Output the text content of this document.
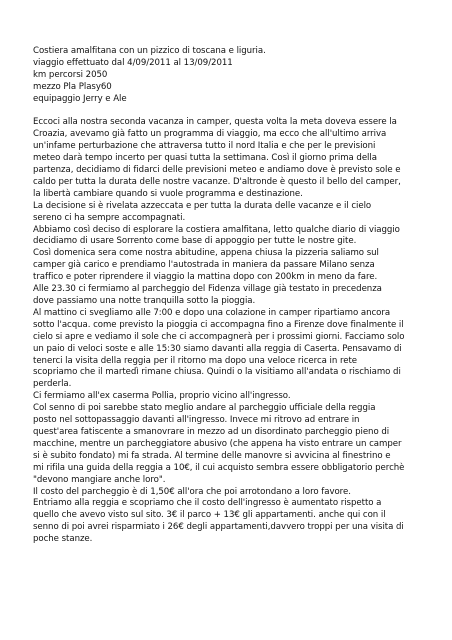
Costiera amalfitana con un pizzico di toscana e liguria.
viaggio effettuato dal 4/09/2011 al 13/09/2011
km percorsi 2050
mezzo Pla Plasy60
equipaggio Jerry e Ale
Eccoci alla nostra seconda vacanza in camper, questa volta la meta doveva essere la
Croazia, avevamo già fatto un programma di viaggio, ma ecco che all'ultimo arriva
un'infame perturbazione che attraversa tutto il nord Italia e che per le previsioni
meteo darà tempo incerto per quasi tutta la settimana. Così il giorno prima della
partenza, decidiamo di fidarci delle previsioni meteo e andiamo dove è previsto sole e
caldo per tutta la durata delle nostre vacanze. D'altronde è questo il bello del camper,
la libertà cambiare quando si vuole programma e destinazione.
La decisione si è rivelata azzeccata e per tutta la durata delle vacanze e il cielo
sereno ci ha sempre accompagnati.
Abbiamo così deciso di esplorare la costiera amalfitana, letto qualche diario di viaggio
decidiamo di usare Sorrento come base di appoggio per tutte le nostre gite.
Così domenica sera come nostra abitudine, appena chiusa la pizzeria saliamo sul
camper già carico e prendiamo l'autostrada in maniera da passare Milano senza
traffico e poter riprendere il viaggio la mattina dopo con 200km in meno da fare.
Alle 23.30 ci fermiamo al parcheggio del Fidenza village già testato in precedenza
dove passiamo una notte tranquilla sotto la pioggia.
Al mattino ci svegliamo alle 7:00 e dopo una colazione in camper ripartiamo ancora
sotto l'acqua. come previsto la pioggia ci accompagna fino a Firenze dove finalmente il
cielo si apre e vediamo il sole che ci accompagnerà per i prossimi giorni. Facciamo solo
un paio di veloci soste e alle 15:30 siamo davanti alla reggia di Caserta. Pensavamo di
tenerci la visita della reggia per il ritorno ma dopo una veloce ricerca in rete
scopriamo che il martedì rimane chiusa. Quindi o la visitiamo all'andata o rischiamo di
perderla.
Ci fermiamo all'ex caserma Pollia, proprio vicino all'ingresso.
Col senno di poi sarebbe stato meglio andare al parcheggio ufficiale della reggia
posto nel sottopassaggio davanti all'ingresso. Invece mi ritrovo ad entrare in
quest'area fatiscente a smanovrare in mezzo ad un disordinato parcheggio pieno di
macchine, mentre un parcheggiatore abusivo (che appena ha visto entrare un camper
si è subito fondato) mi fa strada. Al termine delle manovre si avvicina al finestrino e
mi rifila una guida della reggia a 10€, il cui acquisto sembra essere obbligatorio perchè
"devono mangiare anche loro".
Il costo del parcheggio è di 1,50€ all'ora che poi arrotondano a loro favore.
Entriamo alla reggia e scopriamo che il costo dell'ingresso è aumentato rispetto a
quello che avevo visto sul sito. 3€ il parco + 13€ gli appartamenti. anche qui con il
senno di poi avrei risparmiato i 26€ degli appartamenti,davvero troppi per una visita di
poche stanze.
